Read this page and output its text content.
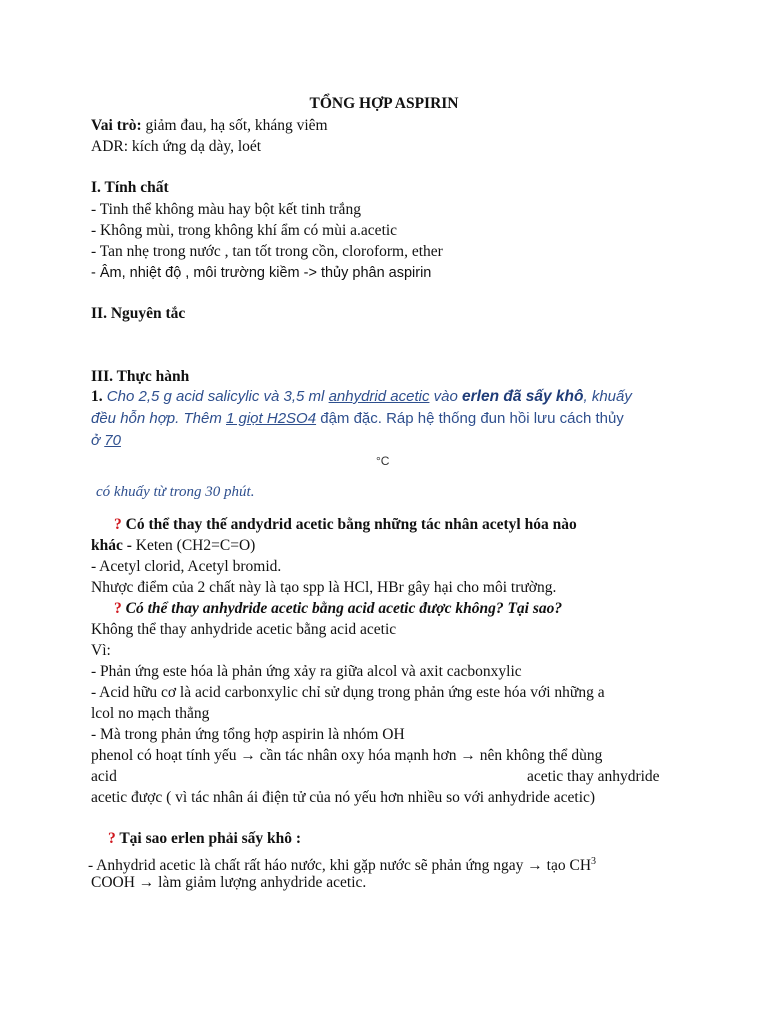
TỔNG HỢP ASPIRIN
Vai trò: giảm đau, hạ sốt, kháng viêm
ADR: kích ứng dạ dày, loét
I. Tính chất
- Tinh thể không màu hay bột kết tinh trắng
- Không mùi, trong không khí ẩm có mùi a.acetic
- Tan nhẹ trong nước , tan tốt trong cồn, cloroform, ether
- Âm, nhiệt độ , môi trường kiềm -> thủy phân aspirin
II. Nguyên tắc
III. Thực hành
1. Cho 2,5 g acid salicylic và 3,5 ml anhydrid acetic vào erlen đã sấy khô, khuấy
đều hỗn hợp. Thêm 1 giọt H2SO4 đậm đặc. Ráp hệ thống đun hồi lưu cách thủy
ở 70
°C
có khuấy từ trong 30 phút.
? Có thể thay thế andydrid acetic bằng những tác nhân acetyl hóa nào
khác - Keten (CH2=C=O)
- Acetyl clorid, Acetyl bromid.
Nhược điểm của 2 chất này là tạo spp là HCl, HBr gây hại cho môi trường.
? Có thể thay anhydride acetic bằng acid acetic được không? Tại sao?
Không thể thay anhydride acetic bằng acid acetic
Vì:
- Phản ứng este hóa là phản ứng xảy ra giữa alcol và axit cacbonxylic
- Acid hữu cơ là acid carbonxylic chỉ sử dụng trong phản ứng este hóa với những a
lcol no mạch thẳng
- Mà trong phản ứng tổng hợp aspirin là nhóm OH
phenol có hoạt tính yếu → cần tác nhân oxy hóa mạnh hơn → nên không thể dùng
acid	acetic thay anhydride
acetic được ( vì tác nhân ái điện tử của nó yếu hơn nhiều so với anhydride acetic)
? Tại sao erlen phải sấy khô :
- Anhydrid acetic là chất rất háo nước, khi gặp nước sẽ phản ứng ngay → tạo $CH^3$
COOH → làm giảm lượng anhydride acetic.
